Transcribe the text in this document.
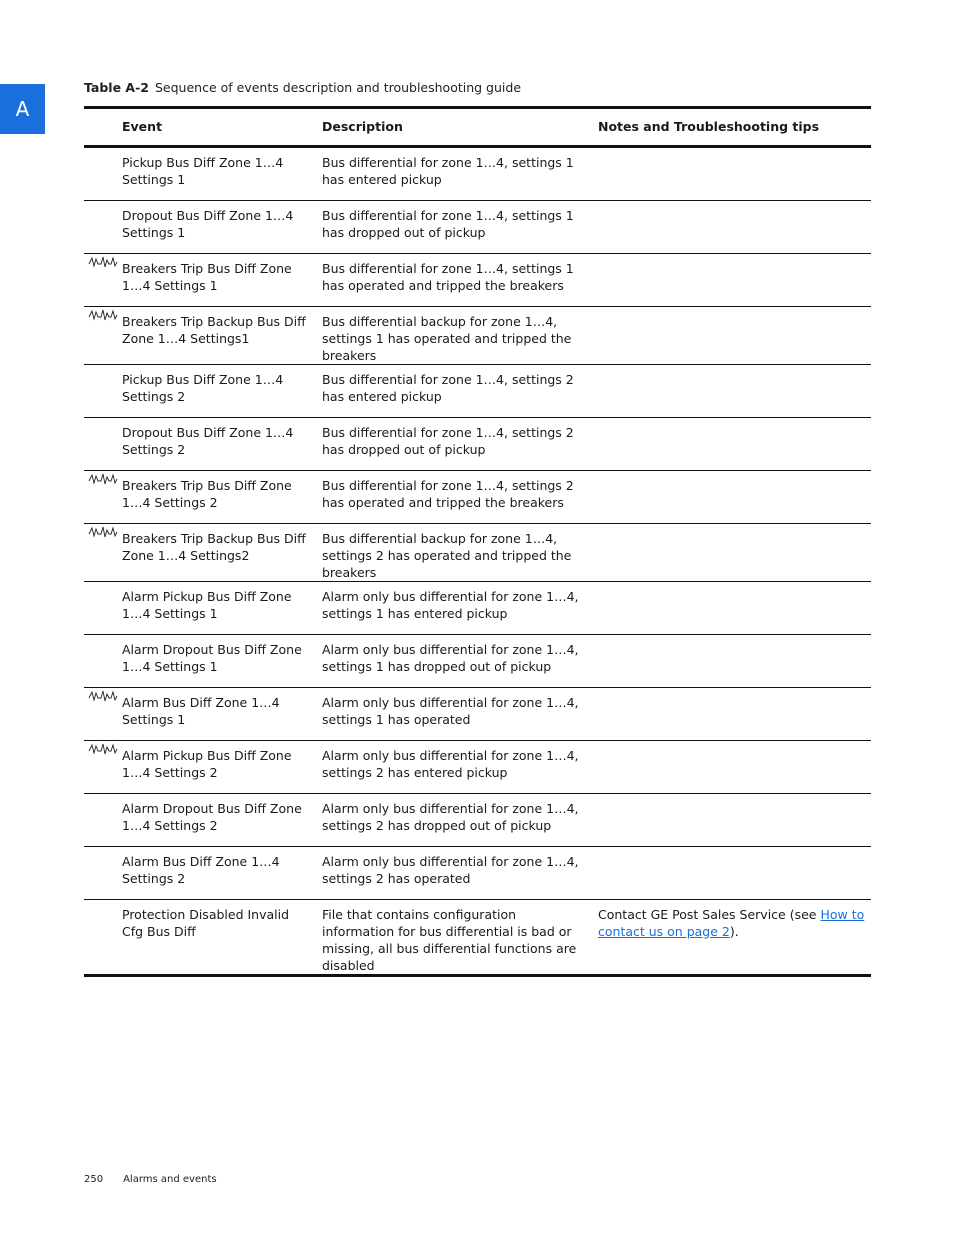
A
Table A-2 Sequence of events description and troubleshooting guide
	Event	Description	Notes and Troubleshooting tips
	Pickup Bus Diff Zone 1…4 Settings 1	Bus differential for zone 1…4, settings 1 has entered pickup	
	Dropout Bus Diff Zone 1…4 Settings 1	Bus differential for zone 1…4, settings 1 has dropped out of pickup	
	Breakers Trip Bus Diff Zone 1…4 Settings 1	Bus differential for zone 1…4, settings 1 has operated and tripped the breakers	
	Breakers Trip Backup Bus Diff Zone 1…4 Settings1	Bus differential backup for zone 1…4, settings 1 has operated and tripped the breakers	
	Pickup Bus Diff Zone 1…4 Settings 2	Bus differential for zone 1…4, settings 2 has entered pickup	
	Dropout Bus Diff Zone 1…4 Settings 2	Bus differential for zone 1…4, settings 2 has dropped out of pickup	
	Breakers Trip Bus Diff Zone 1…4 Settings 2	Bus differential for zone 1…4, settings 2 has operated and tripped the breakers	
	Breakers Trip Backup Bus Diff Zone 1…4 Settings2	Bus differential backup for zone 1…4, settings 2 has operated and tripped the breakers	
	Alarm Pickup Bus Diff Zone 1…4 Settings 1	Alarm only bus differential for zone 1…4, settings 1 has entered pickup	
	Alarm Dropout Bus Diff Zone 1…4 Settings 1	Alarm only bus differential for zone 1…4, settings 1 has dropped out of pickup	
	Alarm Bus Diff Zone 1…4 Settings 1	Alarm only bus differential for zone 1…4, settings 1 has operated	
	Alarm Pickup Bus Diff Zone 1…4 Settings 2	Alarm only bus differential for zone 1…4, settings 2 has entered pickup	
	Alarm Dropout Bus Diff Zone 1…4 Settings 2	Alarm only bus differential for zone 1…4, settings 2 has dropped out of pickup	
	Alarm Bus Diff Zone 1…4 Settings 2	Alarm only bus differential for zone 1…4, settings 2 has operated	
	Protection Disabled Invalid Cfg Bus Diff	File that contains configuration information for bus differential is bad or missing, all bus differential functions are disabled	Contact GE Post Sales Service (see How to contact us on page 2).
250 Alarms and events
